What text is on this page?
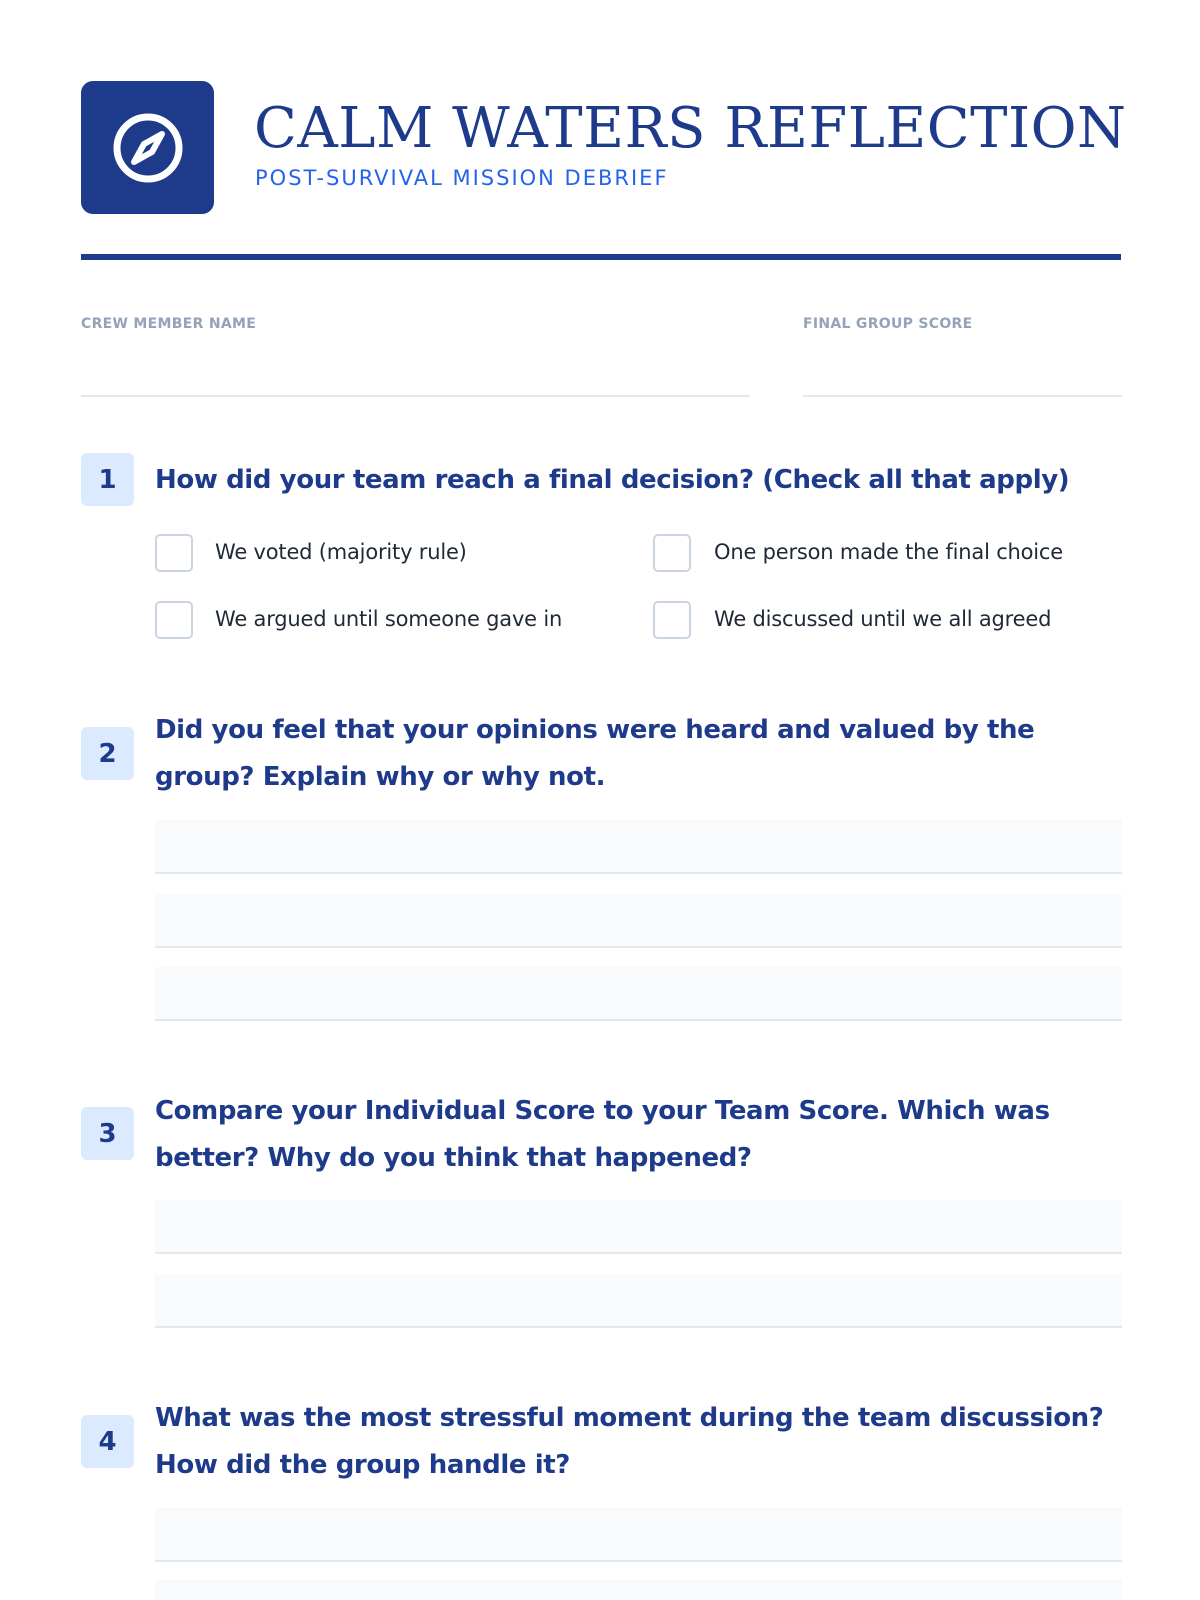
CALM WATERS REFLECTION
POST-SURVIVAL MISSION DEBRIEF
CREW MEMBER NAME	FINAL GROUP SCORE
1	How did your team reach a final decision? (Check all that apply)
We voted (majority rule)	One person made the final choice
We argued until someone gave in	We discussed until we all agreed
2
Did you feel that your opinions were heard and valued by the group? Explain why or why not.
3
Compare your Individual Score to your Team Score. Which was better? Why do you think that happened?
4
What was the most stressful moment during the team discussion? How did the group handle it?
